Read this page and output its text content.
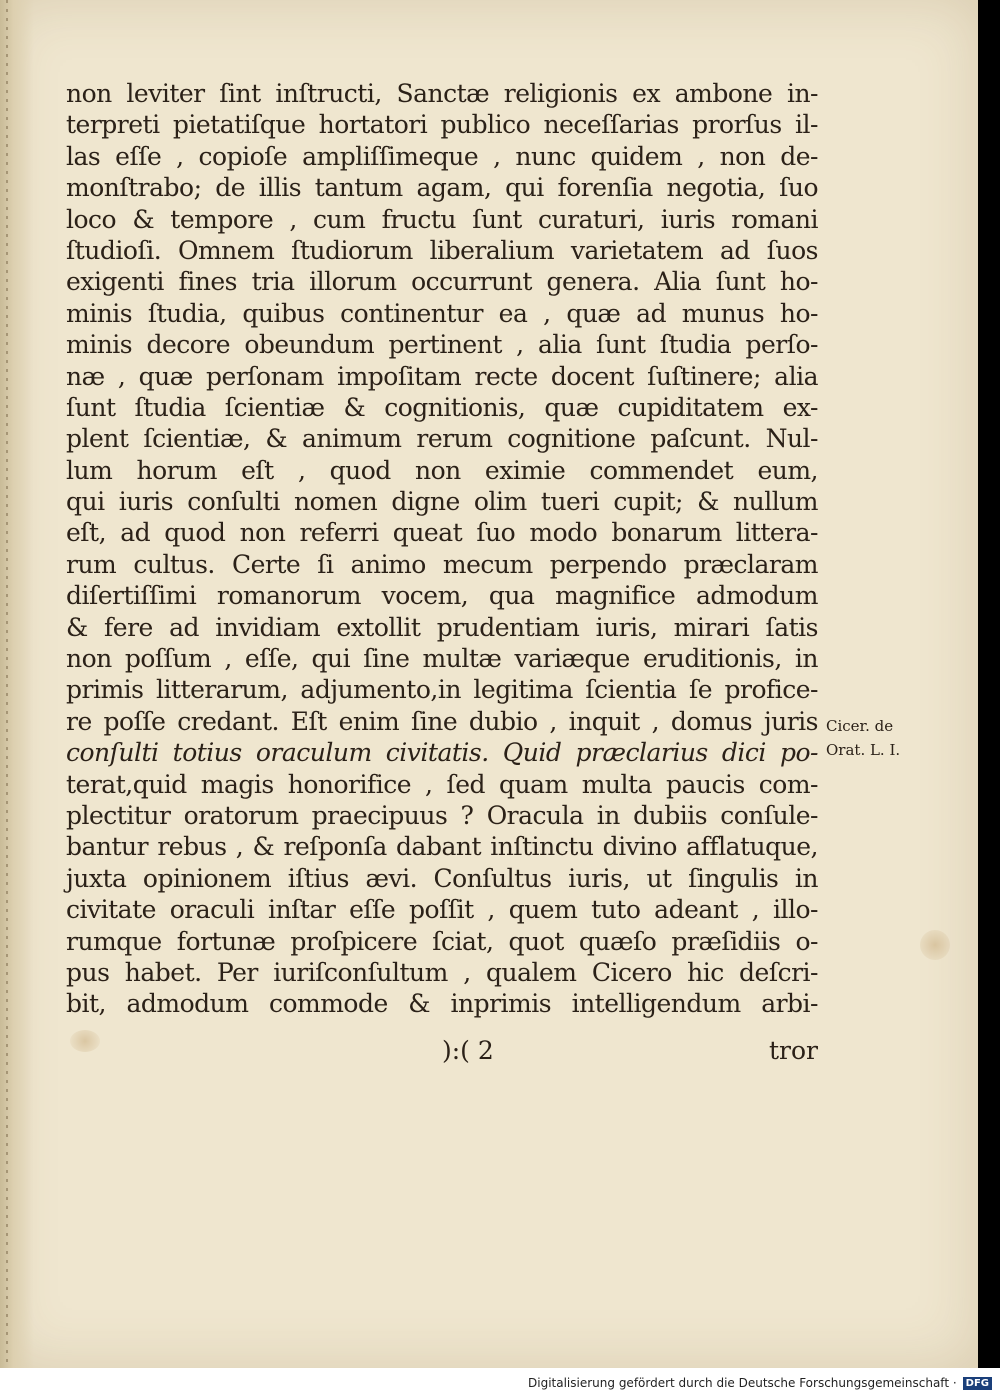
non leviter ſint inſtructi, Sanctæ religionis ex ambone in-
terpreti pietatiſque hortatori publico neceſſarias prorſus il-
las eſſe , copioſe ampliſſimeque , nunc quidem , non de-
monſtrabo; de illis tantum agam, qui forenſia negotia, ſuo
loco & tempore , cum fructu ſunt curaturi, iuris romani
ſtudioſi. Omnem ſtudiorum liberalium varietatem ad ſuos
exigenti fines tria illorum occurrunt genera. Alia ſunt ho-
minis ſtudia, quibus continentur ea , quæ ad munus ho-
minis decore obeundum pertinent , alia ſunt ſtudia perſo-
næ , quæ perſonam impoſitam recte docent ſuſtinere; alia
ſunt ſtudia ſcientiæ & cognitionis, quæ cupiditatem ex-
plent ſcientiæ, & animum rerum cognitione paſcunt. Nul-
lum horum eſt , quod non eximie commendet eum,
qui iuris conſulti nomen digne olim tueri cupit; & nullum
eſt, ad quod non referri queat ſuo modo bonarum littera-
rum cultus. Certe ſi animo mecum perpendo præclaram
diſertiſſimi romanorum vocem, qua magnifice admodum
& fere ad invidiam extollit prudentiam iuris, mirari ſatis
non poſſum , eſſe, qui ſine multæ variæque eruditionis, in
primis litterarum, adjumento,in legitima ſcientia ſe profice-
re poſſe credant. Eſt enim ſine dubio , inquit , domus juris
conſulti totius oraculum civitatis. Quid præclarius dici po-
terat,quid magis honorifice , ſed quam multa paucis com-
plectitur oratorum praecipuus ? Oracula in dubiis conſule-
bantur rebus , & reſponſa dabant inſtinctu divino afflatuque,
juxta opinionem iſtius ævi. Conſultus iuris, ut ſingulis in
civitate oraculi inſtar eſſe poſſit , quem tuto adeant , illo-
rumque fortunæ proſpicere ſciat, quot quæſo præſidiis o-
pus habet. Per iuriſconſultum , qualem Cicero hic deſcri-
bit, admodum commode & inprimis intelligendum arbi-
Cicer. de
Orat. L. I.
):( 2	tror
Digitalisierung gefördert durch die Deutsche Forschungsgemeinschaft · DFG
